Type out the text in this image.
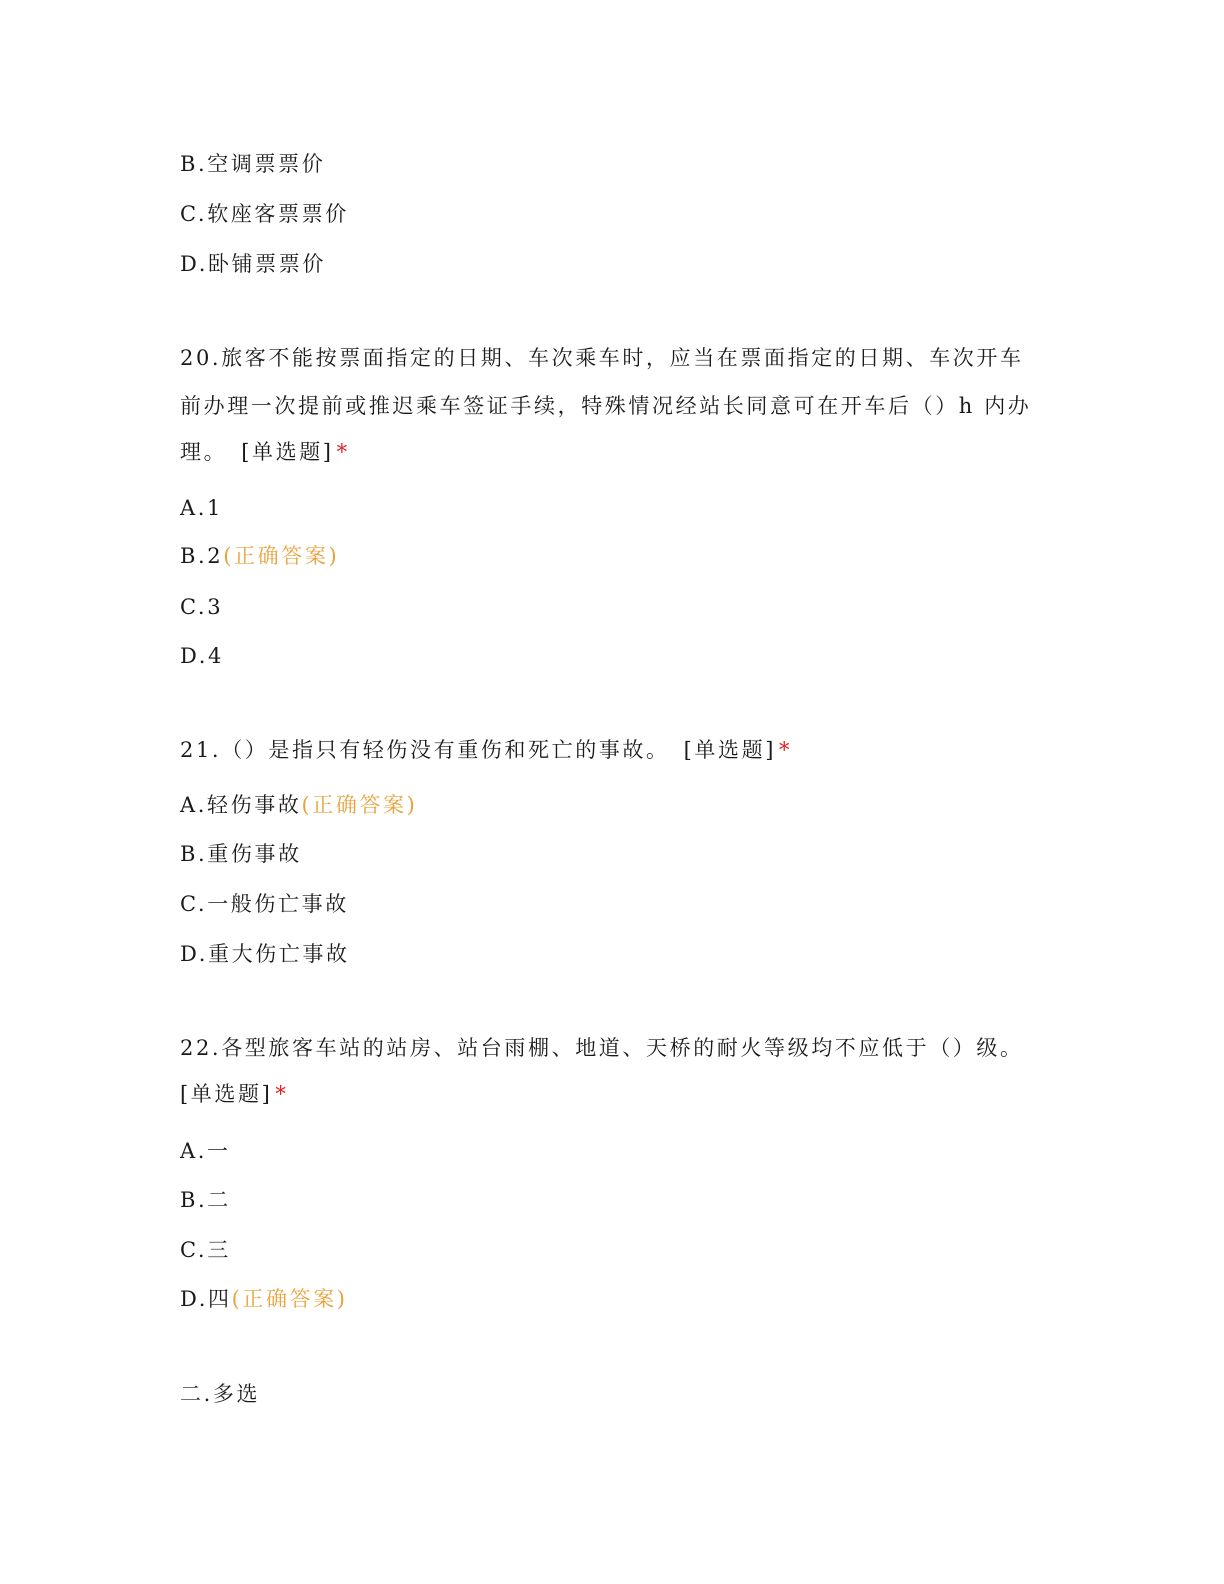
B.空调票票价
C.软座客票票价
D.卧铺票票价
20.旅客不能按票面指定的日期、车次乘车时，应当在票面指定的日期、车次开车
前办理一次提前或推迟乘车签证手续，特殊情况经站长同意可在开车后（）h 内办
理。 [单选题] *
A.1
B.2(正确答案)
C.3
D.4
21.（）是指只有轻伤没有重伤和死亡的事故。 [单选题] *
A.轻伤事故(正确答案)
B.重伤事故
C.一般伤亡事故
D.重大伤亡事故
22.各型旅客车站的站房、站台雨棚、地道、天桥的耐火等级均不应低于（）级。
[单选题] *
A.一
B.二
C.三
D.四(正确答案)
二.多选
